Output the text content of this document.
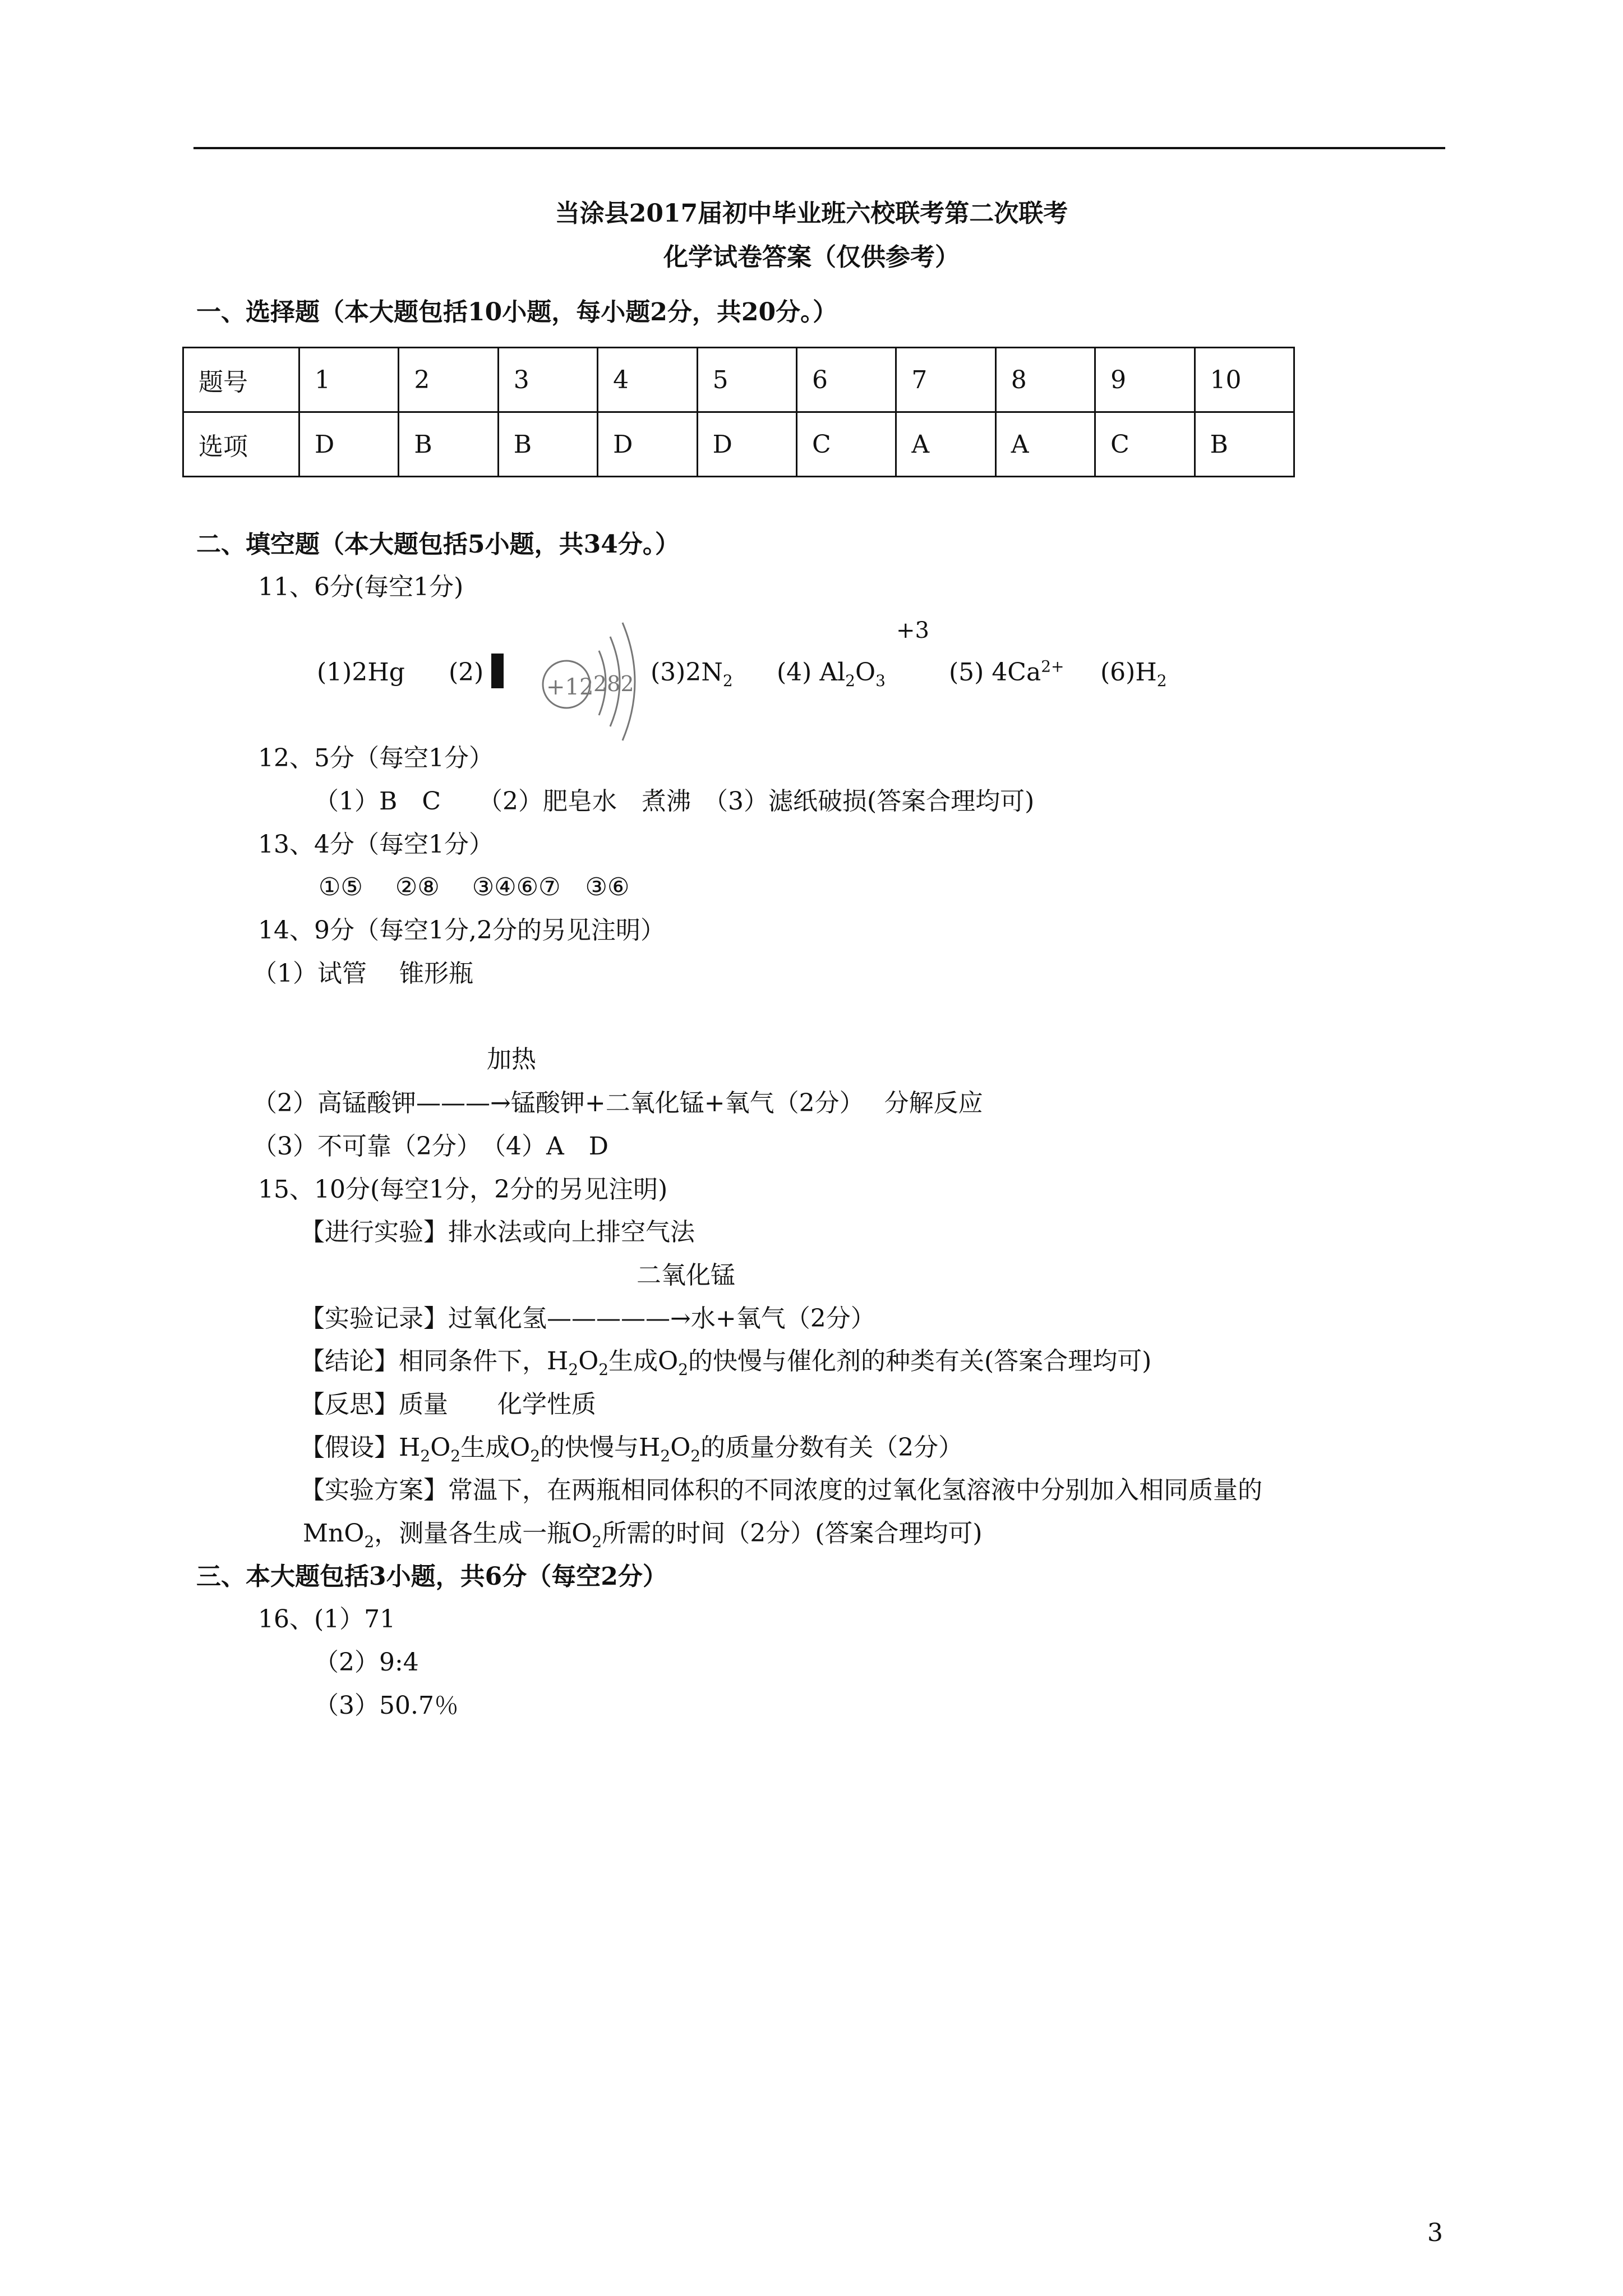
当涂县2017届初中毕业班六校联考第二次联考
化学试卷答案（仅供参考）
一、选择题（本大题包括10小题，每小题2分，共20分。）
题号	1	2	3	4	5	6	7	8	9	10
选项	D	B	B	D	D	C	A	A	C	B
二、填空题（本大题包括5小题，共34分。）
11、6分(每空1分)
+3
(1)2Hg (2)
+12 282 $(3)2N_2$ (4) $Al_2O_3$	(5) $4Ca^{2+}$ $(6)H_2$
12、5分（每空1分）
（1）B　C　　（2）肥皂水　煮沸　（3）滤纸破损(答案合理均可)
13、4分（每空1分）
①⑤　 ②⑧　 ③④⑥⑦　③⑥
14、9分（每空1分,2分的另见注明）
（1）试管　 锥形瓶
加热
（2）高锰酸钾———→锰酸钾+二氧化锰+氧气（2分）　 分解反应
（3）不可靠（2分）　（4）A　D
15、10分(每空1分，2分的另见注明)
【进行实验】排水法或向上排空气法
二氧化锰
【实验记录】过氧化氢—————→水+氧气（2分）
【结论】相同条件下，$H_2O_2$生成$O_2$的快慢与催化剂的种类有关(答案合理均可)
【反思】质量　　化学性质
【假设】$H_2O_2$生成$O_2$的快慢与$H_2O_2$的质量分数有关（2分）
【实验方案】常温下，在两瓶相同体积的不同浓度的过氧化氢溶液中分别加入相同质量的
MnO$_2$，测量各生成一瓶$O_2$所需的时间（2分）(答案合理均可)
三、本大题包括3小题，共6分（每空2分）
16、(1）71
（2）9:4
（3）50.7％
3
